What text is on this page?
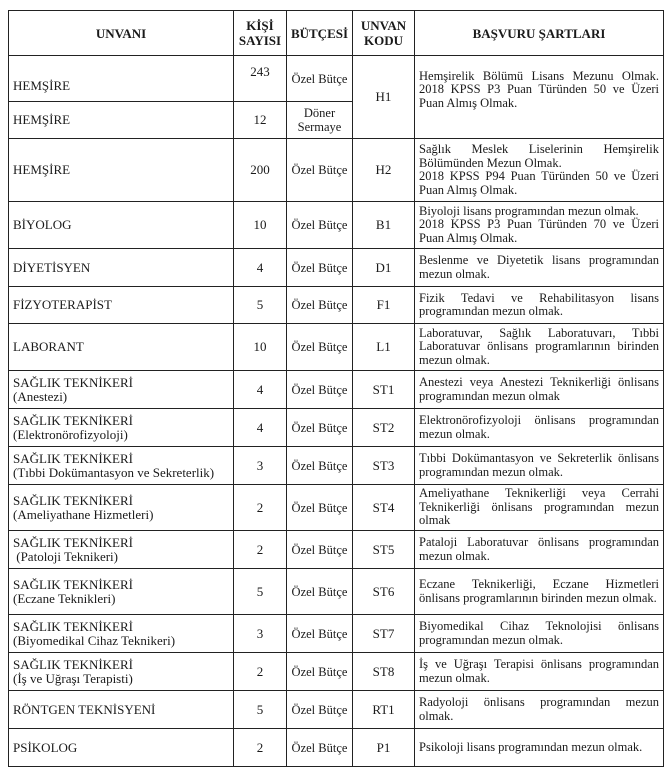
UNVANI	KİŞİ SAYISI	BÜTÇESİ	UNVAN KODU	BAŞVURU ŞARTLARI
HEMŞİRE	243	Özel Bütçe	H1	Hemşirelik Bölümü Lisans Mezunu Olmak. 2018 KPSS P3 Puan Türünden 50 ve Üzeri Puan Almış Olmak.
HEMŞİRE	12	Döner Sermaye		
HEMŞİRE	200	Özel Bütçe	H2	Sağlık Meslek Liselerinin Hemşirelik Bölümünden Mezun Olmak.
2018 KPSS P94 Puan Türünden 50 ve Üzeri Puan Almış Olmak.

BİYOLOG	10	Özel Bütçe	B1	Biyoloji lisans programından mezun olmak.
2018 KPSS P3 Puan Türünden 70 ve Üzeri Puan Almış Olmak.

DİYETİSYEN	4	Özel Bütçe	D1	Beslenme ve Diyetetik lisans programından mezun olmak.
FİZYOTERAPİST	5	Özel Bütçe	F1	Fizik Tedavi ve Rehabilitasyon lisans programından mezun olmak.
LABORANT	10	Özel Bütçe	L1	Laboratuvar, Sağlık Laboratuvarı, Tıbbi Laboratuvar önlisans programlarının birinden mezun olmak.

SAĞLIK TEKNİKERİ
(Anestezi)	4	Özel Bütçe	ST1	Anestezi veya Anestezi Teknikerliği önlisans programından mezun olmak

SAĞLIK TEKNİKERİ
(Elektronörofizyoloji)	4	Özel Bütçe	ST2	Elektronörofizyoloji önlisans programından mezun olmak.

SAĞLIK TEKNİKERİ
(Tıbbi Dokümantasyon ve Sekreterlik)	3	Özel Bütçe	ST3	Tıbbi Dokümantasyon ve Sekreterlik önlisans programından mezun olmak.

SAĞLIK TEKNİKERİ
(Ameliyathane Hizmetleri)	2	Özel Bütçe	ST4	Ameliyathane Teknikerliği veya Cerrahi Teknikerliği önlisans programından mezun olmak

SAĞLIK TEKNİKERİ
(Patoloji Teknikeri)	2	Özel Bütçe	ST5	Pataloji Laboratuvar önlisans programından mezun olmak.

SAĞLIK TEKNİKERİ
(Eczane Teknikleri)	5	Özel Bütçe	ST6	Eczane Teknikerliği, Eczane Hizmetleri önlisans programlarının birinden mezun olmak.

SAĞLIK TEKNİKERİ
(Biyomedikal Cihaz Teknikeri)	3	Özel Bütçe	ST7	Biyomedikal Cihaz Teknolojisi önlisans programından mezun olmak.

SAĞLIK TEKNİKERİ
(İş ve Uğraşı Terapisti)	2	Özel Bütçe	ST8	İş ve Uğraşı Terapisi önlisans programından mezun olmak.
RÖNTGEN TEKNİSYENİ	5	Özel Bütçe	RT1	Radyoloji önlisans programından mezun olmak.
PSİKOLOG	2	Özel Bütçe	P1	Psikoloji lisans programından mezun olmak.
